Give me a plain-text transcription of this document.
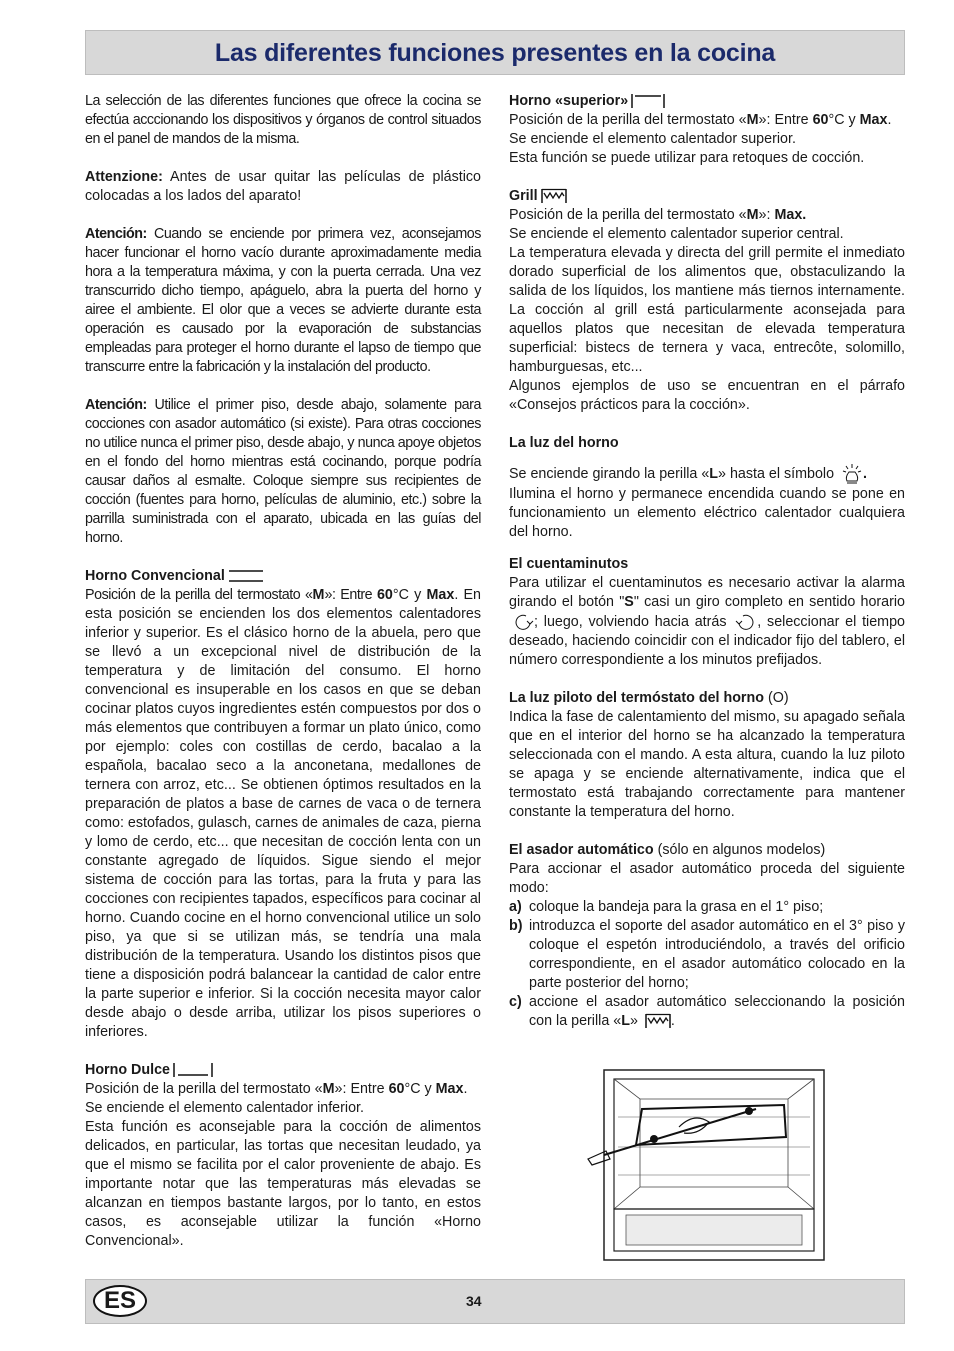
Las diferentes funciones presentes en la cocina

La selección de las diferentes funciones que ofrece la cocina se efectúa acccionando los dispositivos y órganos de control situados en el panel de mandos de la misma.

Attenzione: Antes de usar quitar las películas de plástico colocadas a los lados del aparato!

Atención: Cuando se enciende por primera vez, aconsejamos hacer funcionar el horno vacío durante aproximadamente media hora a la temperatura máxima, y con la puerta cerrada. Una vez transcurrido dicho tiempo, apáguelo, abra la puerta del horno y airee el ambiente. El olor que a veces se advierte durante esta operación es causado por la evaporación de substancias empleadas para proteger el horno durante el lapso de tiempo que transcurre entre la fabricación y la instalación del producto.

Atención: Utilice el primer piso, desde abajo, solamente para cocciones con asador automático (si existe). Para otras cocciones no utilice nunca el primer piso, desde abajo, y nunca apoye objetos en el fondo del horno mientras está cocinando, porque podría causar daños al esmalte. Coloque siempre sus recipientes de cocción (fuentes para horno, películas de aluminio, etc.) sobre la parrilla suministrada con el aparato, ubicada en las guías del horno.

Horno Convencional
Posición de la perilla del termostato «M»: Entre 60°C y Max. En esta posición se encienden los dos elementos calentadores inferior y superior. Es el clásico horno de la abuela, pero que se llevó a un excepcional nivel de distribución de la temperatura y de limitación del consumo. El horno convencional es insuperable en los casos en que se deban cocinar platos cuyos ingredientes estén compuestos por dos o más elementos que contribuyen a formar un plato único, como por ejemplo: coles con costillas de cerdo, bacalao a la española, bacalao seco a la anconetana, medallones de ternera con arroz, etc... Se obtienen óptimos resultados en la preparación de platos a base de carnes de vaca o de ternera como: estofados, gulasch, carnes de animales de caza, pierna y lomo de cerdo, etc... que necesitan de cocción lenta con un constante agregado de líquidos. Sigue siendo el mejor sistema de cocción para las tortas, para la fruta y para las cocciones con recipientes tapados, específicos para cocinar al horno. Cuando cocine en el horno convencional utilice un solo piso, ya que si se utilizan más, se tendría una mala distribución de la temperatura. Usando los distintos pisos que tiene a disposición podrá balancear la cantidad de calor entre la parte superior e inferior. Si la cocción necesita mayor calor desde abajo o desde arriba, utilizar los pisos superiores o inferiores.

Horno Dulce
Posición de la perilla del termostato «M»: Entre 60°C y Max.
Se enciende el elemento calentador inferior.
Esta función es aconsejable para la cocción de alimentos delicados, en particular, las tortas que necesitan leudado, ya que el mismo se facilita por el calor proveniente de abajo. Es importante notar que las temperaturas más elevadas se alcanzan en tiempos bastante largos, por lo tanto, en estos casos, es aconsejable utilizar la función «Horno Convencional».

Horno «superior»
Posición de la perilla del termostato «M»: Entre 60°C y Max.
Se enciende el elemento calentador superior.
Esta función se puede utilizar para retoques de cocción.

Grill
Posición de la perilla del termostato «M»: Max.
Se enciende el elemento calentador superior central.
La temperatura elevada y directa del grill permite el inmediato dorado superficial de los alimentos que, obstaculizando la salida de los líquidos, los mantiene más tiernos internamente. La cocción al grill está particularmente aconsejada para aquellos platos que necesitan de elevada temperatura superficial: bistecs de ternera y vaca, entrecôte, solomillo, hamburguesas, etc...
Algunos ejemplos de uso se encuentran en el párrafo «Consejos prácticos para la cocción».

La luz del horno
Se enciende girando la perilla «L» hasta el símbolo .
Ilumina el horno y permanece encendida cuando se pone en funcionamiento un elemento eléctrico calentador cualquiera del horno.

El cuentaminutos
Para utilizar el cuentaminutos es necesario activar la alarma girando el botón "S" casi un giro completo en sentido horario ; luego, volviendo hacia atrás , seleccionar el tiempo deseado, haciendo coincidir con el indicador fijo del tablero, el número correspondiente a los minutos prefijados.

La luz piloto del termóstato del horno (O)
Indica la fase de calentamiento del mismo, su apagado señala que en el interior del horno se ha alcanzado la temperatura seleccionada con el mando. A esta altura, cuando la luz piloto se apaga y se enciende alternativamente, indica que el termostato está trabajando correctamente para mantener constante la temperatura del horno.

El asador automático (sólo en algunos modelos)
Para accionar el asador automático proceda del siguiente modo:

a) coloque la bandeja para la grasa en el 1° piso;
b) introduzca el soporte del asador automático en el 3° piso y coloque el espetón introduciéndolo, a través del orificio correspondiente, en el asador automático colocado en la parte posterior del horno;
c) accione el asador automático seleccionando la posición con la perilla «L» .
ES	34
